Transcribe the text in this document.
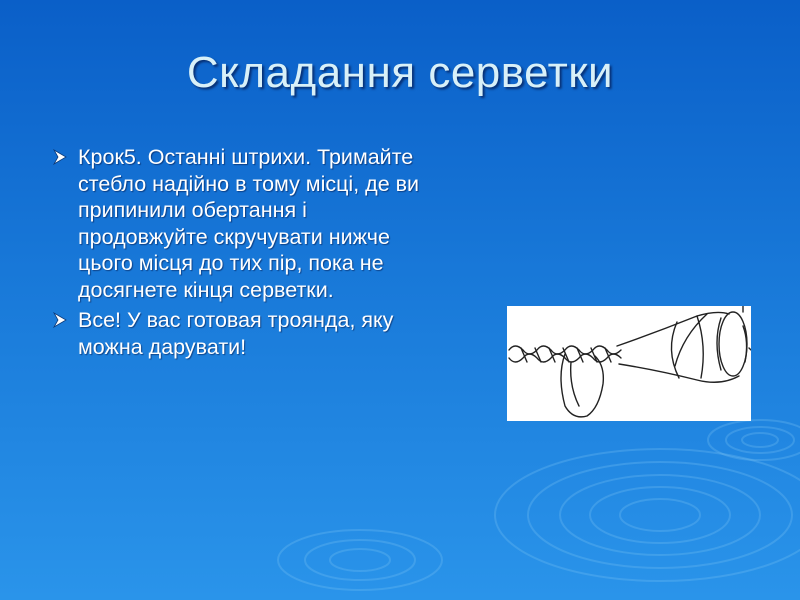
Складання серветки
Крок5. Останні штрихи. Тримайте стебло надійно в тому місці, де ви припинили обертання і продовжуйте скручувати нижче цього місця до тих пір, пока не досягнете кінця серветки.
Все! У вас готовая троянда, яку можна дарувати!
